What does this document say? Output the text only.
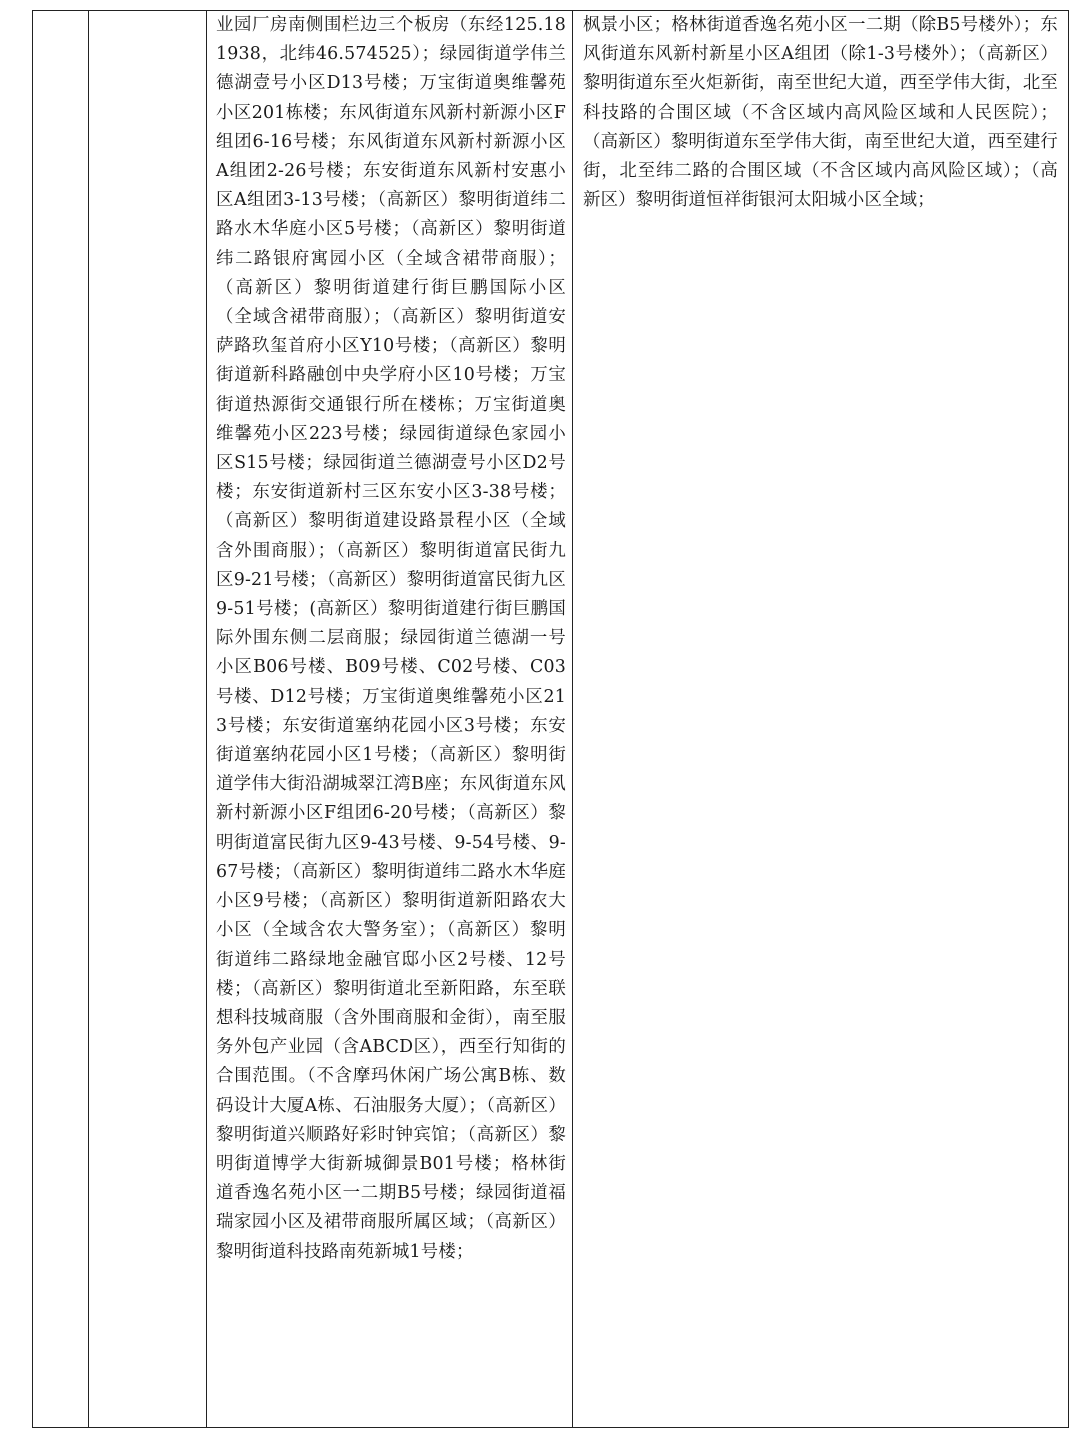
业园厂房南侧围栏边三个板房（东经125.181938，北纬46.574525）；绿园街道学伟兰德湖壹号小区D13号楼；万宝街道奥维馨苑小区201栋楼；东风街道东风新村新源小区F组团6-16号楼；东风街道东风新村新源小区A组团2-26号楼；东安街道东风新村安惠小区A组团3-13号楼；（高新区）黎明街道纬二路水木华庭小区5号楼；（高新区）黎明街道纬二路银府寓园小区（全域含裙带商服）；（高新区）黎明街道建行街巨鹏国际小区（全域含裙带商服）；（高新区）黎明街道安萨路玖玺首府小区Y10号楼；（高新区）黎明街道新科路融创中央学府小区10号楼；万宝街道热源街交通银行所在楼栋；万宝街道奥维馨苑小区223号楼；绿园街道绿色家园小区S15号楼；绿园街道兰德湖壹号小区D2号楼；东安街道新村三区东安小区3-38号楼；（高新区）黎明街道建设路景程小区（全域含外围商服）；（高新区）黎明街道富民街九区9-21号楼；（高新区）黎明街道富民街九区9-51号楼；(高新区）黎明街道建行街巨鹏国际外围东侧二层商服；绿园街道兰德湖一号小区B06号楼、B09号楼、C02号楼、C03号楼、D12号楼；万宝街道奥维馨苑小区213号楼；东安街道塞纳花园小区3号楼；东安街道塞纳花园小区1号楼；（高新区）黎明街道学伟大街沿湖城翠江湾B座；东风街道东风新村新源小区F组团6-20号楼；（高新区）黎明街道富民街九区9-43号楼、9-54号楼、9-67号楼；（高新区）黎明街道纬二路水木华庭小区9号楼；（高新区）黎明街道新阳路农大小区（全域含农大警务室）；（高新区）黎明街道纬二路绿地金融官邸小区2号楼、12号楼；（高新区）黎明街道北至新阳路，东至联想科技城商服（含外围商服和金街），南至服务外包产业园（含ABCD区），西至行知街的合围范围。（不含摩玛休闲广场公寓B栋、数码设计大厦A栋、石油服务大厦）；（高新区）黎明街道兴顺路好彩时钟宾馆；（高新区）黎明街道博学大街新城御景B01号楼；格林街道香逸名苑小区一二期B5号楼；绿园街道福瑞家园小区及裙带商服所属区域；（高新区）黎明街道科技路南苑新城1号楼；

枫景小区；格林街道香逸名苑小区一二期（除B5号楼外）；东风街道东风新村新星小区A组团（除1-3号楼外）；（高新区）黎明街道东至火炬新街，南至世纪大道，西至学伟大街，北至科技路的合围区域（不含区域内高风险区域和人民医院）；（高新区）黎明街道东至学伟大街，南至世纪大道，西至建行街，北至纬二路的合围区域（不含区域内高风险区域）；（高新区）黎明街道恒祥街银河太阳城小区全域；
